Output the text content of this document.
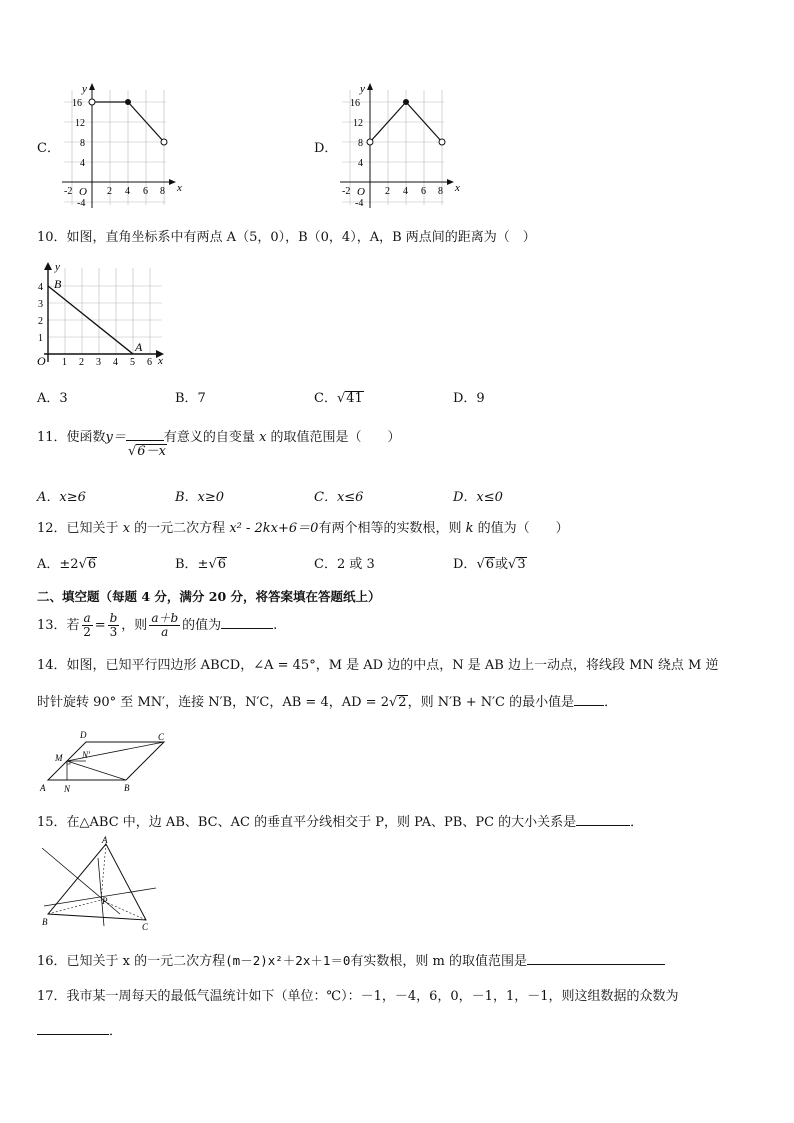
C．
y
x
O
16
12
8
4
-4
-2	2 4 6 8
D．
y
x
O
16
12
8
4
-4
-2	2 4 6 8
10．如图，直角坐标系中有两点 A（5，0），B（0，4），A，B 两点间的距离为（　）
y
x
B
A
O
4
3
2
1
1 2 3 4 5 6
A．3	B．7	C．√41	D．9
11．使函数y＝	有意义的自变量 x 的取值范围是（　　）
√6－x
A．x≥6	B．x≥0	C．x≤6	D．x≤0
12．已知关于 x 的一元二次方程 x² - 2kx+6＝0有两个相等的实数根，则 k 的值为（　　）
A．±2√6	B．±√6	C．2 或 3	D．√6或√3
二、填空题（每题 4 分，满分 20 分，将答案填在答题纸上）
13．若 $\frac{a}{2} = \frac{b}{3}$ ，则 $\frac{a+b}{a}$ 的值为	.
14．如图，已知平行四边形 ABCD，∠A = 45°，M 是 AD 边的中点，N 是 AB 边上一动点，将线段 MN 绕点 M 逆
时针旋转 90° 至 MN′，连接 N′B，N′C，AB = 4，AD = 2√2，则 N′B + N′C 的最小值是 ．
A	B
C
D
M
N
N′
15．在△ABC 中，边 AB、BC、AC 的垂直平分线相交于 P，则 PA、PB、PC 的大小关系是	．
A
B	C
P
16．已知关于 x 的一元二次方程(m－2)x²＋2x＋1＝0有实数根，则 m 的取值范围是
17．我市某一周每天的最低气温统计如下（单位：℃）：－1，－4，6，0，－1，1，－1，则这组数据的众数为
．
